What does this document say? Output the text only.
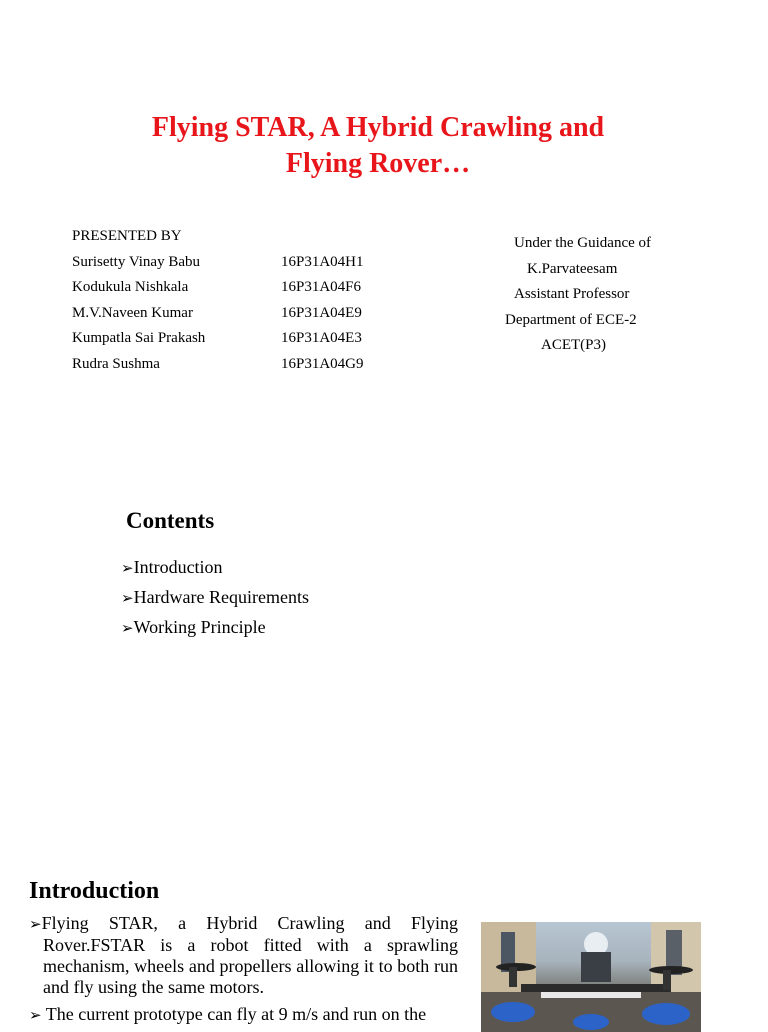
Flying STAR, A Hybrid Crawling and
Flying Rover…
PRESENTED BY
Surisetty Vinay Babu	16P31A04H1
Kodukula Nishkala	16P31A04F6
M.V.Naveen Kumar	16P31A04E9
Kumpatla Sai Prakash	16P31A04E3
Rudra Sushma	16P31A04G9
Under the Guidance of
K.Parvateesam
Assistant Professor
Department of ECE-2
ACET(P3)
Contents
➢Introduction
➢Hardware Requirements
➢Working Principle
Introduction

➢Flying STAR, a Hybrid Crawling and Flying Rover.FSTAR is a robot fitted with a sprawling mechanism, wheels and propellers allowing it to both run and fly using the same motors.

➢ The current prototype can fly at 9 m/s and run on the
